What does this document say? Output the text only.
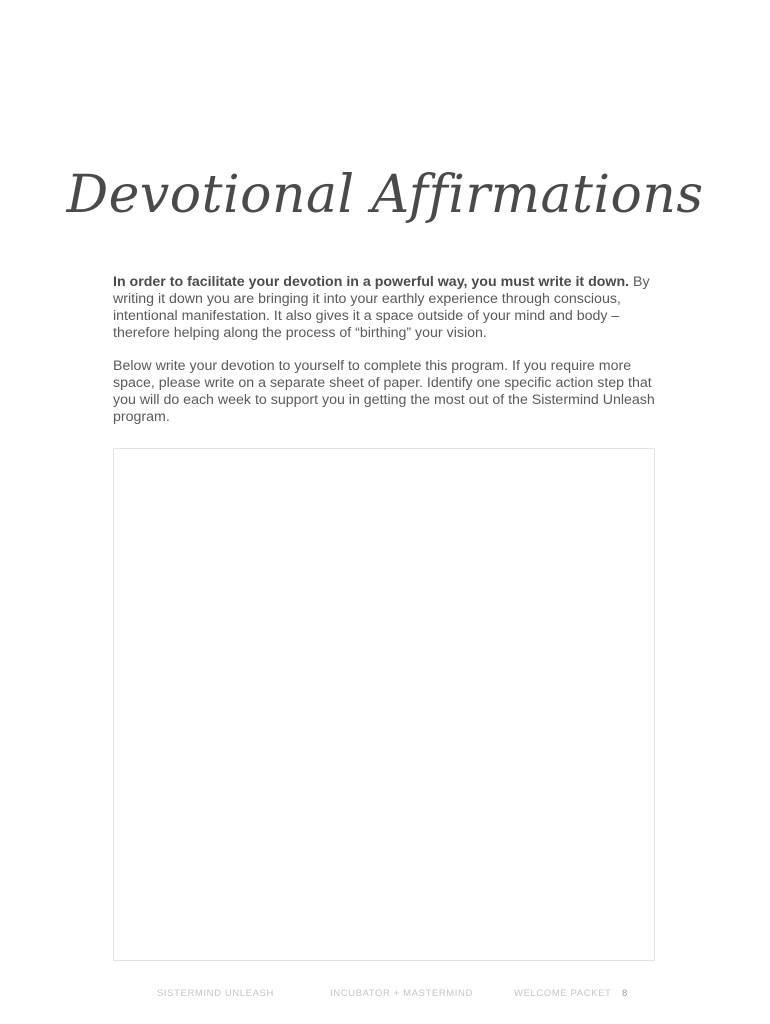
Devotional Affirmations

In order to facilitate your devotion in a powerful way, you must write it down. By writing it down you are bringing it into your earthly experience through conscious, intentional manifestation. It also gives it a space outside of your mind and body – therefore helping along the process of “birthing” your vision.

Below write your devotion to yourself to complete this program. If you require more space, please write on a separate sheet of paper. Identify one specific action step that you will do each week to support you in getting the most out of the Sistermind Unleash program.

SISTERMIND UNLEASH	INCUBATOR + MASTERMIND	WELCOME PACKET 8
